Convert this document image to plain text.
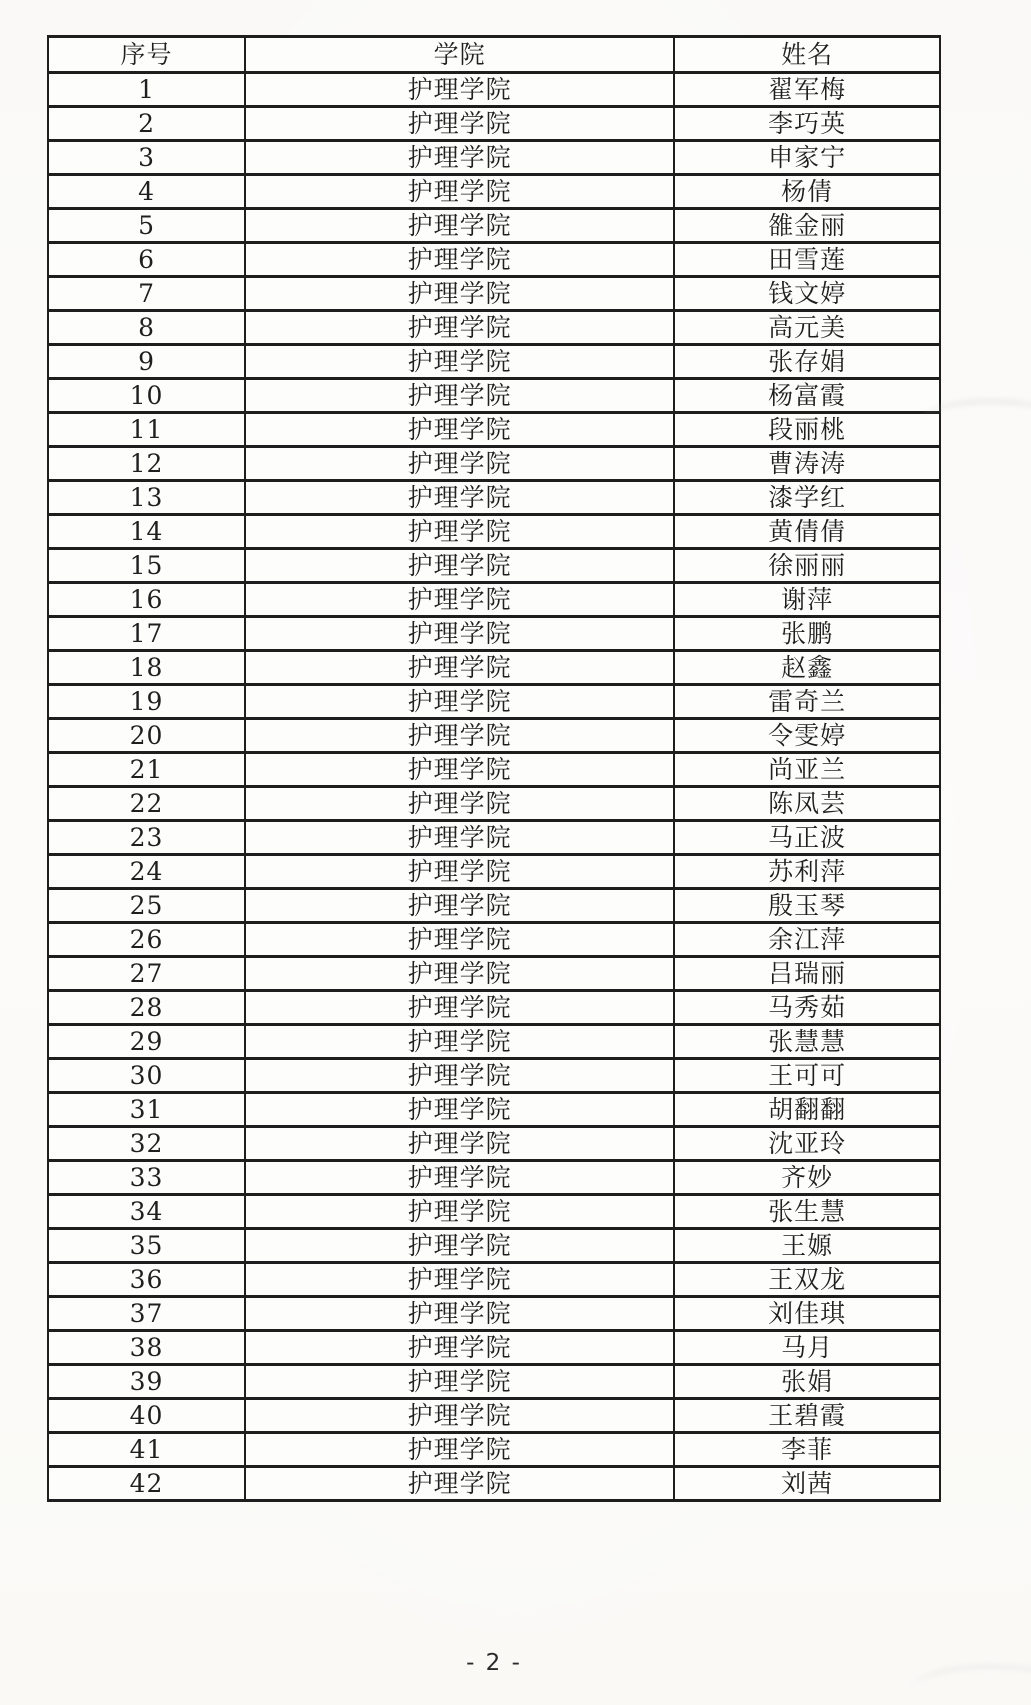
序号	学院	姓名
1	护理学院	翟军梅
2	护理学院	李巧英
3	护理学院	申家宁
4	护理学院	杨倩
5	护理学院	雒金丽
6	护理学院	田雪莲
7	护理学院	钱文婷
8	护理学院	高元美
9	护理学院	张存娟
10	护理学院	杨富霞
11	护理学院	段丽桃
12	护理学院	曹涛涛
13	护理学院	漆学红
14	护理学院	黄倩倩
15	护理学院	徐丽丽
16	护理学院	谢萍
17	护理学院	张鹏
18	护理学院	赵鑫
19	护理学院	雷奇兰
20	护理学院	令雯婷
21	护理学院	尚亚兰
22	护理学院	陈凤芸
23	护理学院	马正波
24	护理学院	苏利萍
25	护理学院	殷玉琴
26	护理学院	余江萍
27	护理学院	吕瑞丽
28	护理学院	马秀茹
29	护理学院	张慧慧
30	护理学院	王可可
31	护理学院	胡翻翻
32	护理学院	沈亚玲
33	护理学院	齐妙
34	护理学院	张生慧
35	护理学院	王嫄
36	护理学院	王双龙
37	护理学院	刘佳琪
38	护理学院	马月
39	护理学院	张娟
40	护理学院	王碧霞
41	护理学院	李菲
42	护理学院	刘茜
- 2 -
